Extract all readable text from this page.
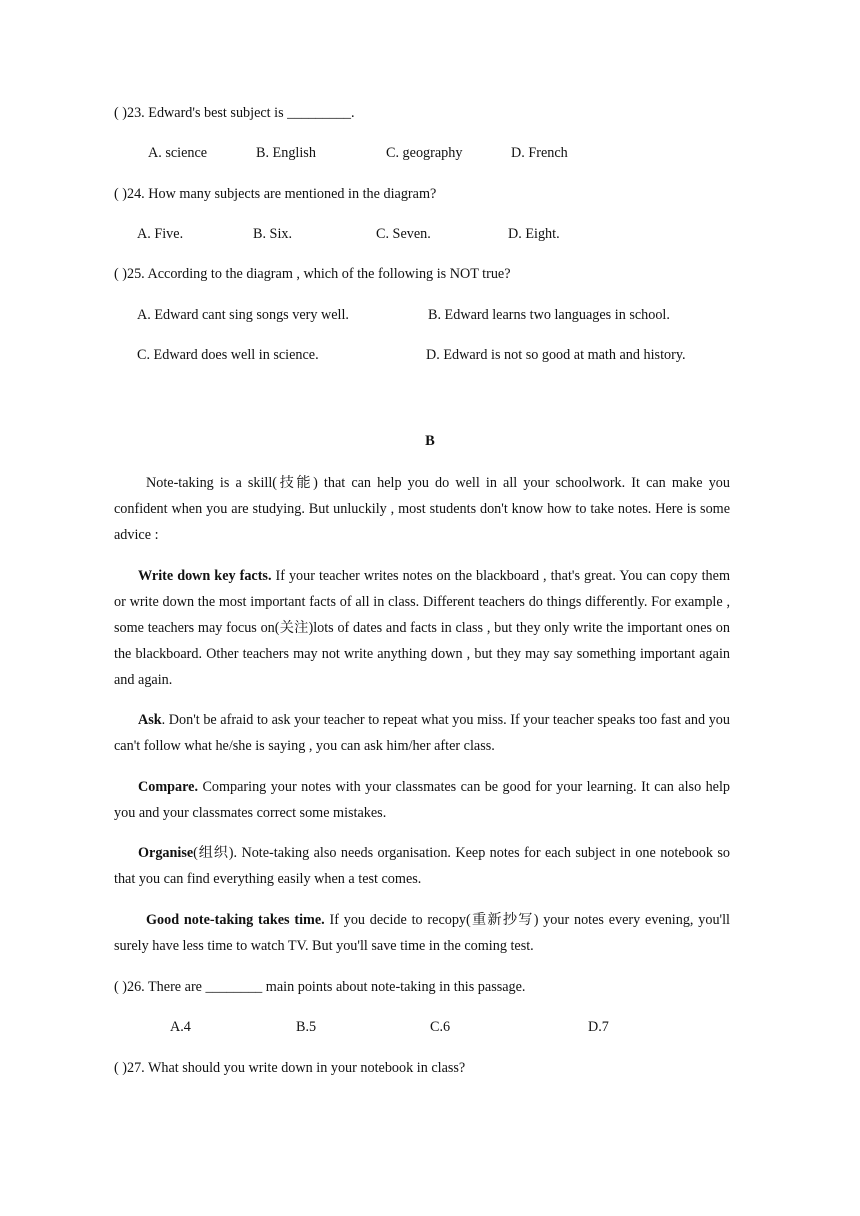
( )23. Edward's best subject is _________.
A. science	B. English	C. geography	D. French
( )24. How many subjects are mentioned in the diagram?
A. Five.	B. Six.	C. Seven.	D. Eight.
( )25. According to the diagram , which of the following is NOT true?
A. Edward cant sing songs very well.	B. Edward learns two languages in school.
C. Edward does well in science.	D. Edward is not so good at math and history.
B

Note-taking is a skill(技能) that can help you do well in all your schoolwork. It can make you confident when you are studying. But unluckily , most students don't know how to take notes. Here is some advice :

Write down key facts. If your teacher writes notes on the blackboard , that's great. You can copy them or write down the most important facts of all in class. Different teachers do things differently. For example , some teachers may focus on(关注)lots of dates and facts in class , but they only write the important ones on the blackboard. Other teachers may not write anything down , but they may say something important again and again.

Ask. Don't be afraid to ask your teacher to repeat what you miss. If your teacher speaks too fast and you can't follow what he/she is saying , you can ask him/her after class.

Compare. Comparing your notes with your classmates can be good for your learning. It can also help you and your classmates correct some mistakes.

Organise(组织). Note-taking also needs organisation. Keep notes for each subject in one notebook so that you can find everything easily when a test comes.

Good note-taking takes time. If you decide to recopy(重新抄写) your notes every evening, you'll surely have less time to watch TV. But you'll save time in the coming test.

( )26. There are ________ main points about note-taking in this passage.
A.4	B.5	C.6	D.7
( )27. What should you write down in your notebook in class?
